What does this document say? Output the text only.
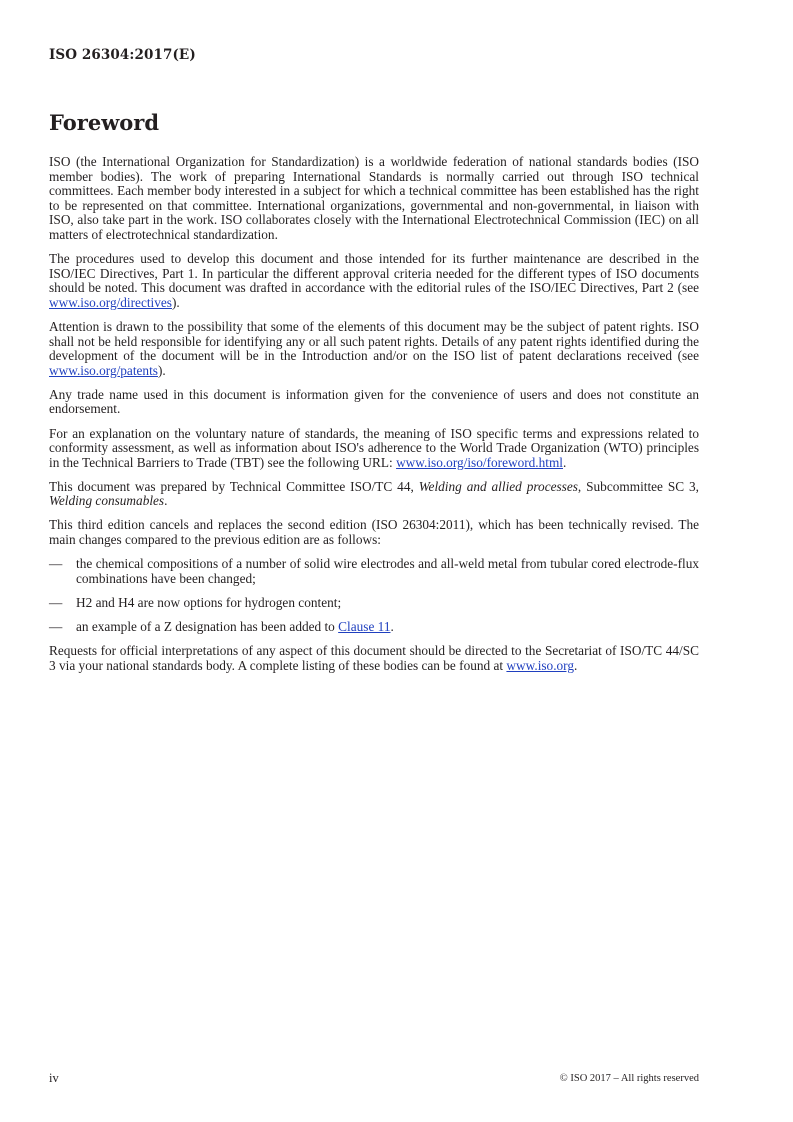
ISO 26304:2017(E)
Foreword

ISO (the International Organization for Standardization) is a worldwide federation of national standards bodies (ISO member bodies). The work of preparing International Standards is normally carried out through ISO technical committees. Each member body interested in a subject for which a technical committee has been established has the right to be represented on that committee. International organizations, governmental and non-governmental, in liaison with ISO, also take part in the work. ISO collaborates closely with the International Electrotechnical Commission (IEC) on all matters of electrotechnical standardization.

The procedures used to develop this document and those intended for its further maintenance are described in the ISO/IEC Directives, Part 1. In particular the different approval criteria needed for the different types of ISO documents should be noted. This document was drafted in accordance with the editorial rules of the ISO/IEC Directives, Part 2 (see www.iso.org/directives).

Attention is drawn to the possibility that some of the elements of this document may be the subject of patent rights. ISO shall not be held responsible for identifying any or all such patent rights. Details of any patent rights identified during the development of the document will be in the Introduction and/or on the ISO list of patent declarations received (see www.iso.org/patents).

Any trade name used in this document is information given for the convenience of users and does not constitute an endorsement.

For an explanation on the voluntary nature of standards, the meaning of ISO specific terms and expressions related to conformity assessment, as well as information about ISO's adherence to the World Trade Organization (WTO) principles in the Technical Barriers to Trade (TBT) see the following URL: www.iso.org/iso/foreword.html.

This document was prepared by Technical Committee ISO/TC 44, Welding and allied processes, Subcommittee SC 3, Welding consumables.

This third edition cancels and replaces the second edition (ISO 26304:2011), which has been technically revised. The main changes compared to the previous edition are as follows:

—	the chemical compositions of a number of solid wire electrodes and all-weld metal from tubular cored electrode-flux combinations have been changed;
—	H2 and H4 are now options for hydrogen content;
—	an example of a Z designation has been added to Clause 11.

Requests for official interpretations of any aspect of this document should be directed to the Secretariat of ISO/TC 44/SC 3 via your national standards body. A complete listing of these bodies can be found at www.iso.org.

iv	© ISO 2017 – All rights reserved
